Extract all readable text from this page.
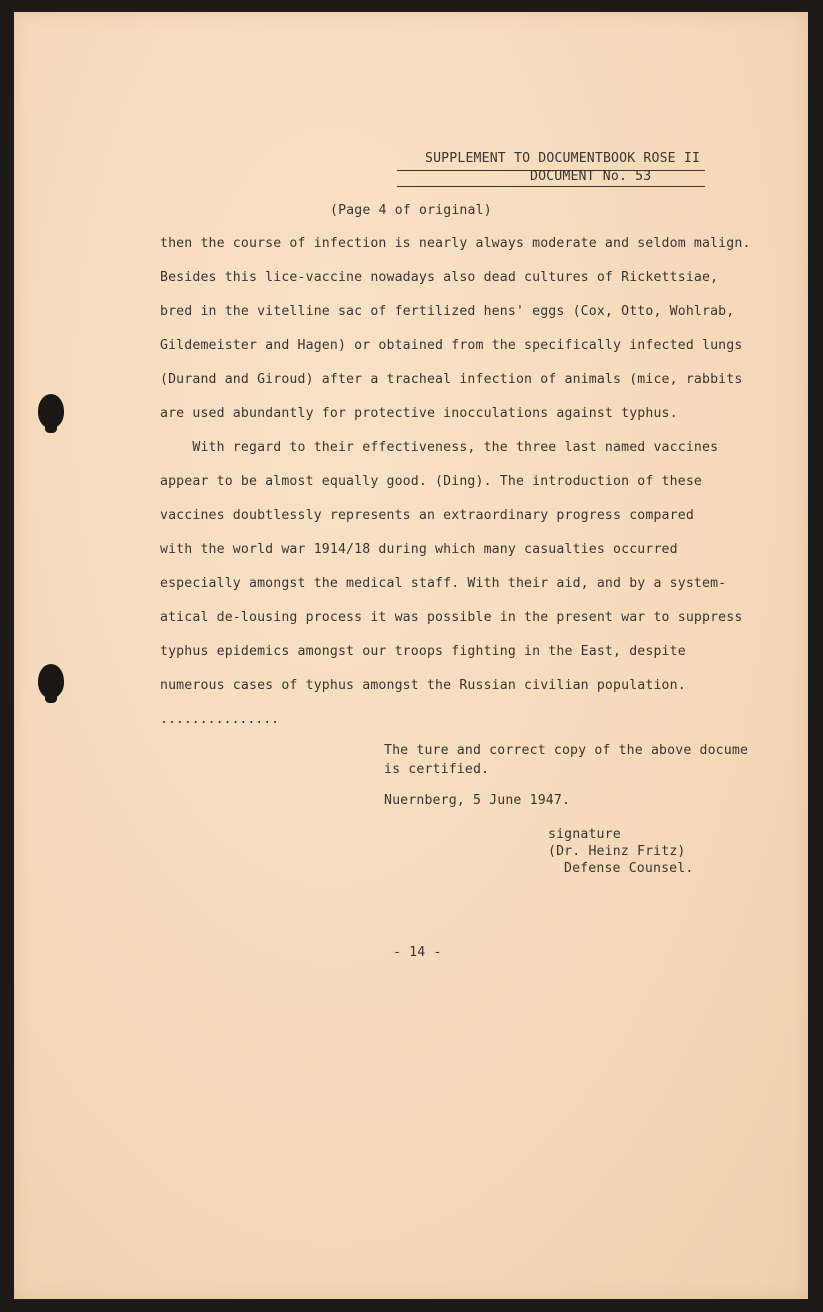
SUPPLEMENT TO DOCUMENTBOOK ROSE II
DOCUMENT No. 53
(Page 4 of original)
then the course of infection is nearly always moderate and seldom malign.
Besides this lice-vaccine nowadays also dead cultures of Rickettsiae,
bred in the vitelline sac of fertilized hens' eggs (Cox, Otto, Wohlrab,
Gildemeister and Hagen) or obtained from the specifically infected lungs
(Durand and Giroud) after a tracheal infection of animals (mice, rabbits
are used abundantly for protective inocculations against typhus.
With regard to their effectiveness, the three last named vaccines
appear to be almost equally good. (Ding). The introduction of these
vaccines doubtlessly represents an extraordinary progress compared
with the world war 1914/18 during which many casualties occurred
especially amongst the medical staff. With their aid, and by a system-
atical de-lousing process it was possible in the present war to suppress
typhus epidemics amongst our troops fighting in the East, despite
numerous cases of typhus amongst the Russian civilian population.
...............
The ture and correct copy of the above docume
is certified.
Nuernberg, 5 June 1947.
signature
(Dr. Heinz Fritz)
Defense Counsel.
- 14 -
